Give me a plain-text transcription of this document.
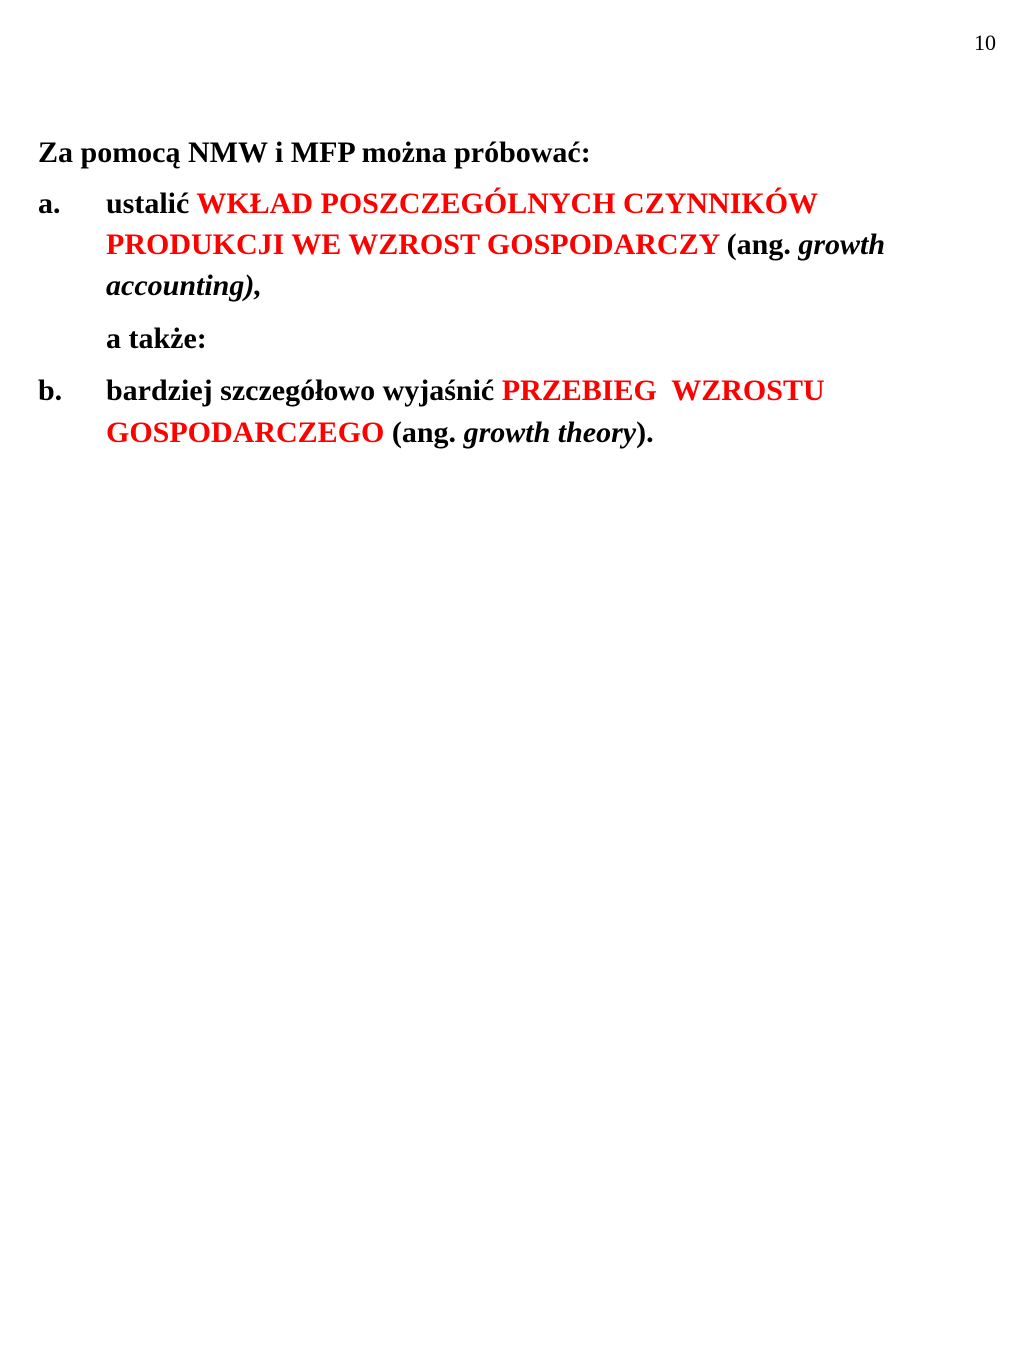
10

Za pomocą NMW i MFP można próbować:

a. ustalić WKŁAD POSZCZEGÓLNYCH CZYNNIKÓW PRODUKCJI WE WZROST GOSPODARCZY (ang. growth accounting),

a także:

b. bardziej szczegółowo wyjaśnić PRZEBIEG  WZROSTU GOSPODARCZEGO (ang. growth theory).
